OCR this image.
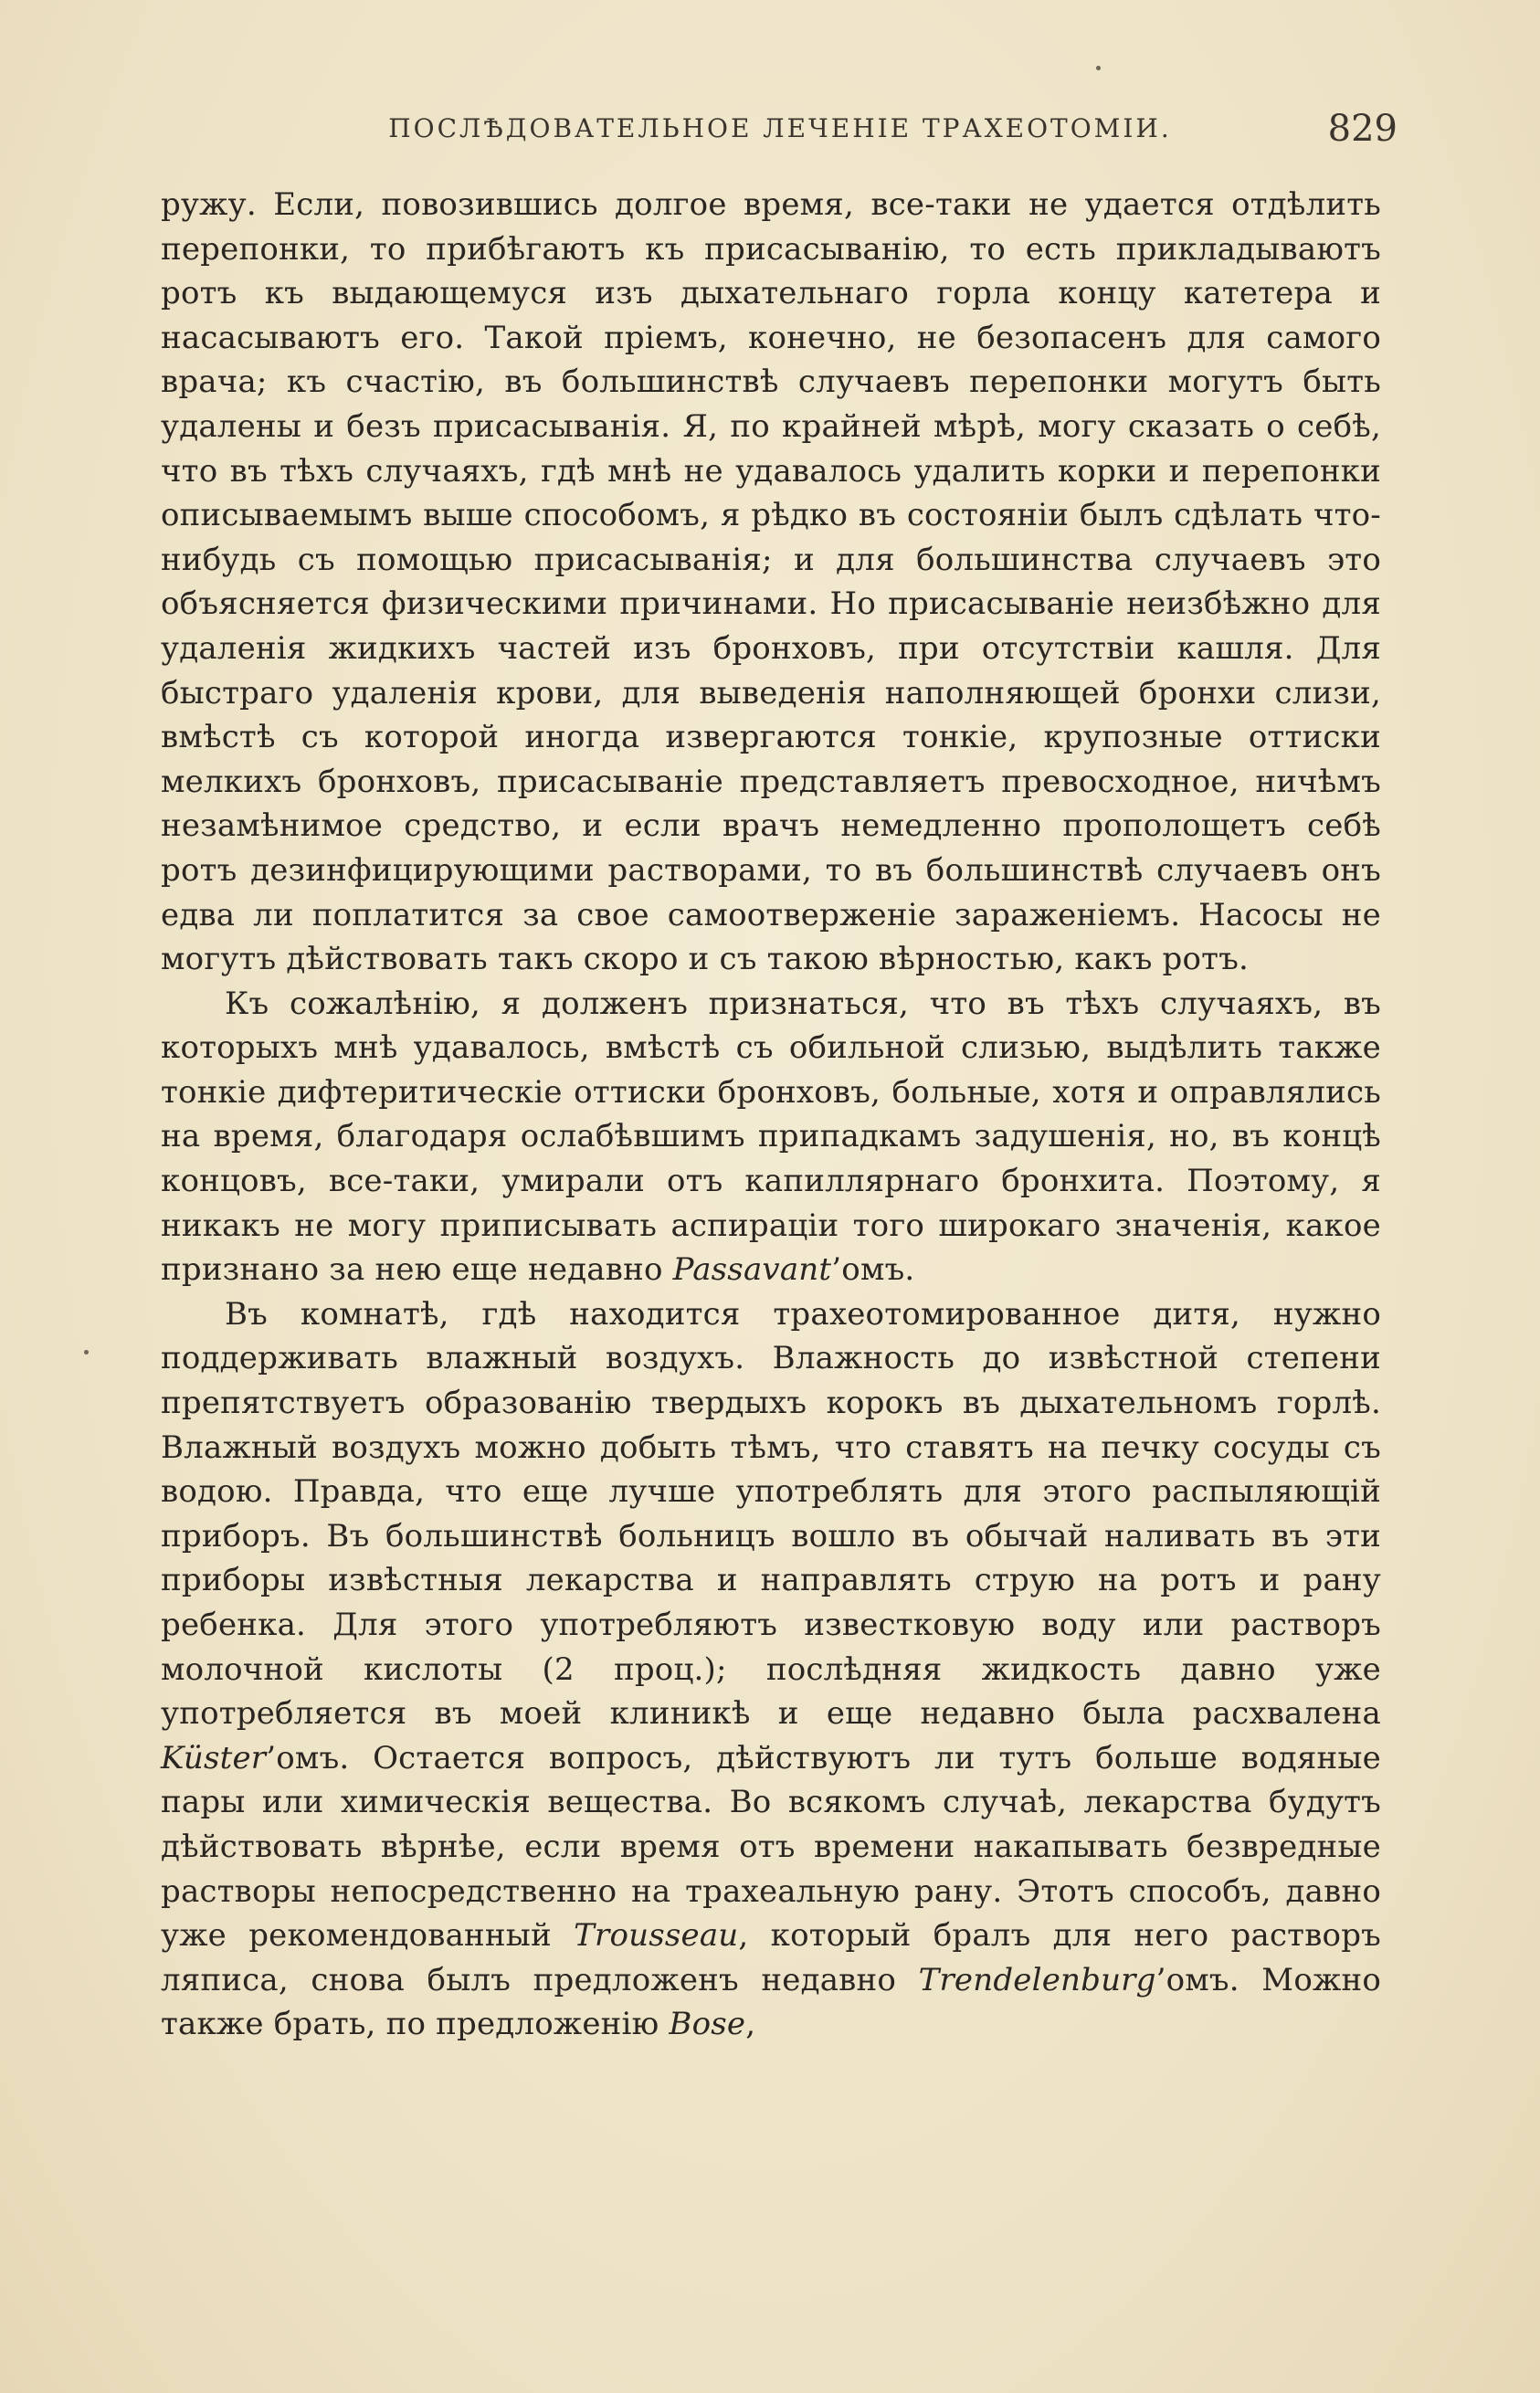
ПОСЛѢДОВАТЕЛЬНОЕ ЛЕЧЕНІЕ ТРАХЕОТОМІИ.	829

ружу. Если, повозившись долгое время, все-таки не удается отдѣлить перепонки, то прибѣгаютъ къ присасыванію, то есть прикладываютъ ротъ къ выдающемуся изъ дыхательнаго горла концу катетера и насасываютъ его. Такой пріемъ, конечно, не безопасенъ для самого врача; къ счастію, въ большинствѣ случаевъ перепонки могутъ быть удалены и безъ присасыванія. Я, по крайней мѣрѣ, могу сказать о себѣ, что въ тѣхъ случаяхъ, гдѣ мнѣ не удавалось удалить корки и перепонки описываемымъ выше способомъ, я рѣдко въ состояніи былъ сдѣлать что-нибудь съ помощью присасыванія; и для большинства случаевъ это объясняется физическими причинами. Но присасываніе неизбѣжно для удаленія жидкихъ частей изъ бронховъ, при отсутствіи кашля. Для быстраго удаленія крови, для выведенія наполняющей бронхи слизи, вмѣстѣ съ которой иногда извергаются тонкіе, крупозные оттиски мелкихъ бронховъ, присасываніе представляетъ превосходное, ничѣмъ незамѣнимое средство, и если врачъ немедленно прополощетъ себѣ ротъ дезинфицирующими растворами, то въ большинствѣ случаевъ онъ едва ли поплатится за свое самоотверженіе зараженіемъ. Насосы не могутъ дѣйствовать такъ скоро и съ такою вѣрностью, какъ ротъ.

Къ сожалѣнію, я долженъ признаться, что въ тѣхъ случаяхъ, въ которыхъ мнѣ удавалось, вмѣстѣ съ обильной слизью, выдѣлить также тонкіе дифтеритическіе оттиски бронховъ, больные, хотя и оправлялись на время, благодаря ослабѣвшимъ припадкамъ задушенія, но, въ концѣ концовъ, все-таки, умирали отъ капиллярнаго бронхита. Поэтому, я никакъ не могу приписывать аспираціи того широкаго значенія, какое признано за нею еще недавно Passavant’омъ.

Въ комнатѣ, гдѣ находится трахеотомированное дитя, нужно поддерживать влажный воздухъ. Влажность до извѣстной степени препятствуетъ образованію твердыхъ корокъ въ дыхательномъ горлѣ. Влажный воздухъ можно добыть тѣмъ, что ставятъ на печку сосуды съ водою. Правда, что еще лучше употреблять для этого распыляющій приборъ. Въ большинствѣ больницъ вошло въ обычай наливать въ эти приборы извѣстныя лекарства и направлять струю на ротъ и рану ребенка. Для этого употребляютъ известковую воду или растворъ молочной кислоты (2 проц.); послѣдняя жидкость давно уже употребляется въ моей клиникѣ и еще недавно была расхвалена Küster’омъ. Остается вопросъ, дѣйствуютъ ли тутъ больше водяные пары или химическія вещества. Во всякомъ случаѣ, лекарства будутъ дѣйствовать вѣрнѣе, если время отъ времени накапывать безвредные растворы непосредственно на трахеальную рану. Этотъ способъ, давно уже рекомендованный Trousseau, который бралъ для него растворъ ляписа, снова былъ предложенъ недавно Trendelenburg’омъ. Можно также брать, по предложенію Bose,
